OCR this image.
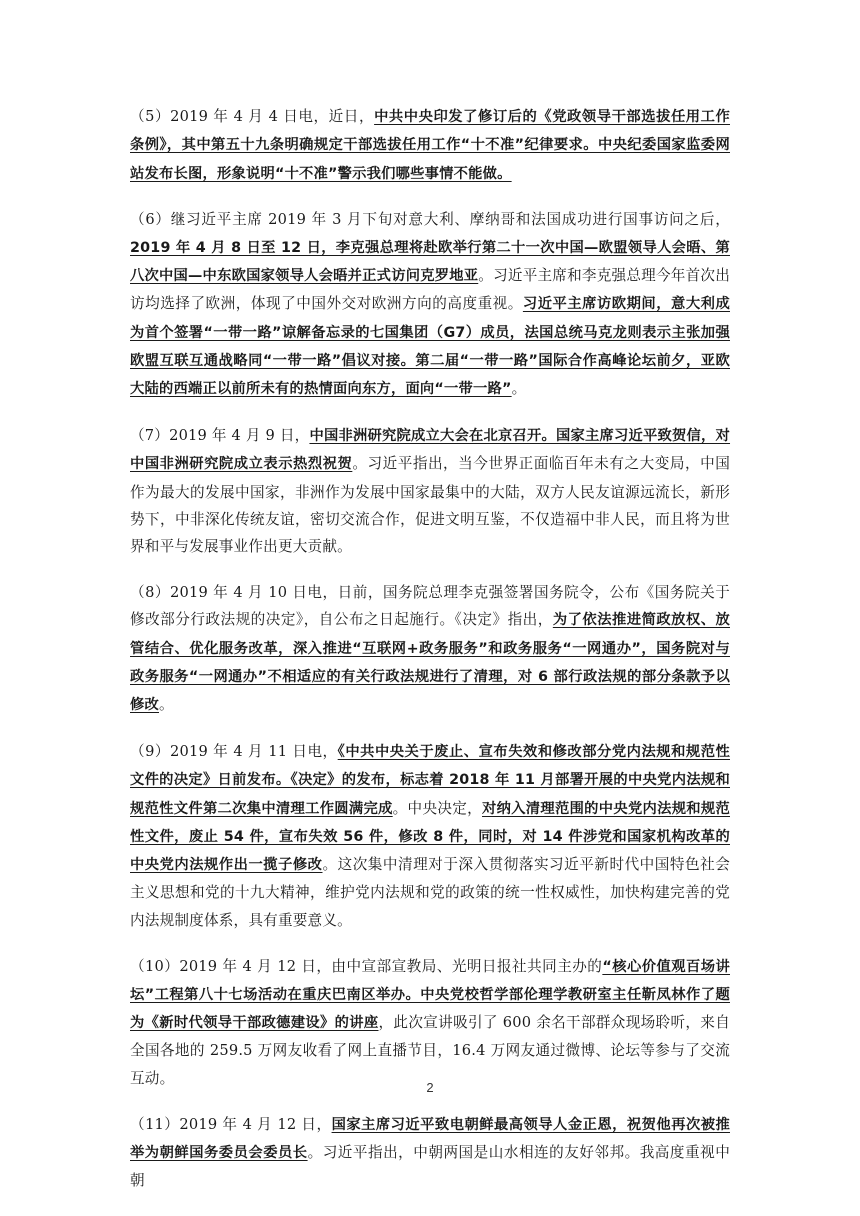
（5）2019 年 4 月 4 日电，近日，中共中央印发了修订后的《党政领导干部选拔任用工作条例》，其中第五十九条明确规定干部选拔任用工作“十不准”纪律要求。中央纪委国家监委网站发布长图，形象说明“十不准”警示我们哪些事情不能做。

（6）继习近平主席 2019 年 3 月下旬对意大利、摩纳哥和法国成功进行国事访问之后，2019 年 4 月 8 日至 12 日，李克强总理将赴欧举行第二十一次中国—欧盟领导人会晤、第八次中国—中东欧国家领导人会晤并正式访问克罗地亚。习近平主席和李克强总理今年首次出访均选择了欧洲，体现了中国外交对欧洲方向的高度重视。习近平主席访欧期间，意大利成为首个签署“一带一路”谅解备忘录的七国集团（G7）成员，法国总统马克龙则表示主张加强欧盟互联互通战略同“一带一路”倡议对接。第二届“一带一路”国际合作高峰论坛前夕，亚欧大陆的西端正以前所未有的热情面向东方，面向“一带一路”。

（7）2019 年 4 月 9 日，中国非洲研究院成立大会在北京召开。国家主席习近平致贺信，对中国非洲研究院成立表示热烈祝贺。习近平指出，当今世界正面临百年未有之大变局，中国作为最大的发展中国家，非洲作为发展中国家最集中的大陆，双方人民友谊源远流长，新形势下，中非深化传统友谊，密切交流合作，促进文明互鉴，不仅造福中非人民，而且将为世界和平与发展事业作出更大贡献。

（8）2019 年 4 月 10 日电，日前，国务院总理李克强签署国务院令，公布《国务院关于修改部分行政法规的决定》，自公布之日起施行。《决定》指出，为了依法推进简政放权、放管结合、优化服务改革，深入推进“互联网+政务服务”和政务服务“一网通办”，国务院对与政务服务“一网通办”不相适应的有关行政法规进行了清理，对 6 部行政法规的部分条款予以修改。

（9）2019 年 4 月 11 日电，《中共中央关于废止、宣布失效和修改部分党内法规和规范性文件的决定》日前发布。《决定》的发布，标志着 2018 年 11 月部署开展的中央党内法规和规范性文件第二次集中清理工作圆满完成。中央决定，对纳入清理范围的中央党内法规和规范性文件，废止 54 件，宣布失效 56 件，修改 8 件，同时，对 14 件涉党和国家机构改革的中央党内法规作出一揽子修改。这次集中清理对于深入贯彻落实习近平新时代中国特色社会主义思想和党的十九大精神，维护党内法规和党的政策的统一性权威性，加快构建完善的党内法规制度体系，具有重要意义。

（10）2019 年 4 月 12 日，由中宣部宣教局、光明日报社共同主办的“核心价值观百场讲坛”工程第八十七场活动在重庆巴南区举办。中央党校哲学部伦理学教研室主任靳凤林作了题为《新时代领导干部政德建设》的讲座，此次宣讲吸引了 600 余名干部群众现场聆听，来自全国各地的 259.5 万网友收看了网上直播节目，16.4 万网友通过微博、论坛等参与了交流互动。

（11）2019 年 4 月 12 日，国家主席习近平致电朝鲜最高领导人金正恩，祝贺他再次被推举为朝鲜国务委员会委员长。习近平指出，中朝两国是山水相连的友好邻邦。我高度重视中朝

2
